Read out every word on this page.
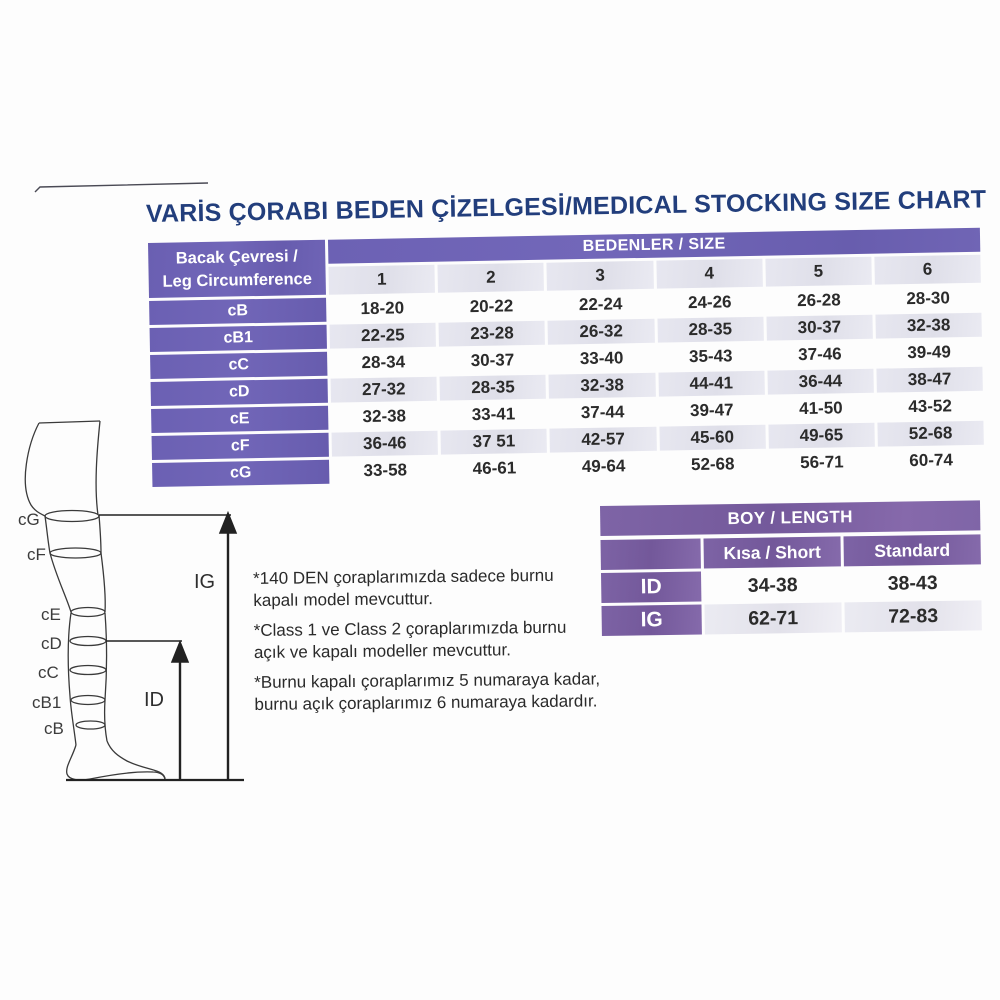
VARİS ÇORABI BEDEN ÇİZELGESİ/MEDICAL STOCKING SIZE CHART
Bacak Çevresi /
Leg Circumference
BEDENLER / SIZE
1	2	3	4	5	6
cB	18-20	20-22	22-24	24-26	26-28	28-30
cB1	22-25	23-28	26-32	28-35	30-37	32-38
cC	28-34	30-37	33-40	35-43	37-46	39-49
cD	27-32	28-35	32-38	44-41	36-44	38-47
cE	32-38	33-41	37-44	39-47	41-50	43-52
cF	36-46	37 51	42-57	45-60	49-65	52-68
cG	33-58	46-61	49-64	52-68	56-71	60-74
cG
cF
cE
cD
cC
cB1
cB
IG
ID

*140 DEN çoraplarımızda sadece burnu kapalı model mevcuttur.

*Class 1 ve Class 2 çoraplarımızda burnu açık ve kapalı modeller mevcuttur.

*Burnu kapalı çoraplarımız 5 numaraya kadar, burnu açık çoraplarımız 6 numaraya kadardır.

BOY / LENGTH
Kısa / Short	Standard
ID	34-38	38-43
IG	62-71	72-83
